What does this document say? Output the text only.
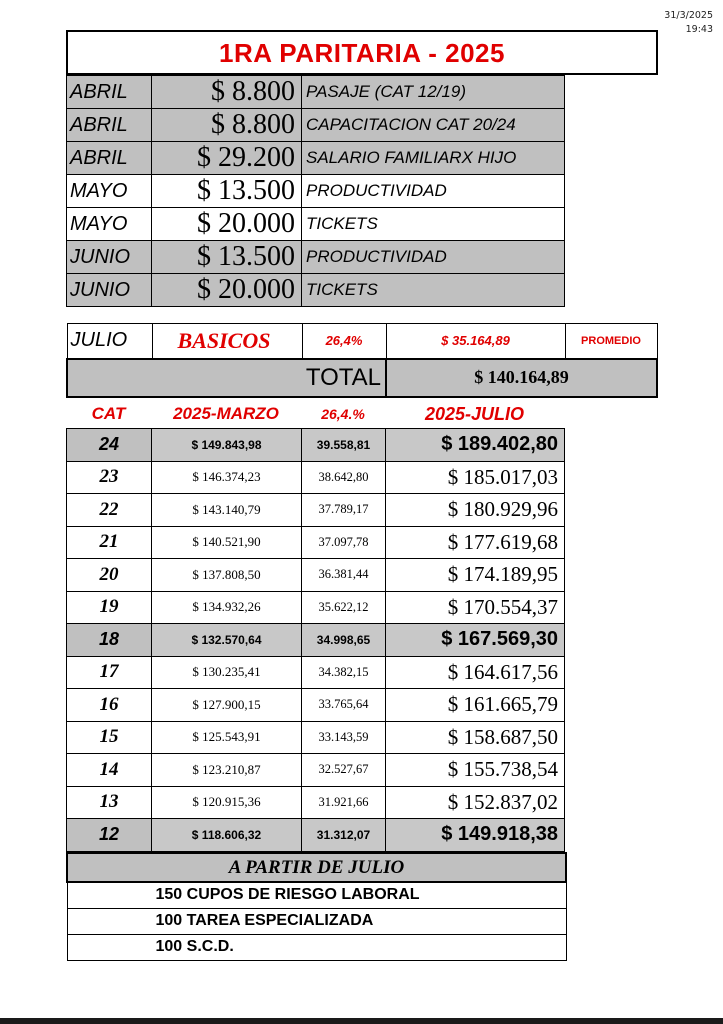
31/3/2025
19:43
1RA PARITARIA - 2025
ABRIL	$ 8.800	PASAJE (CAT 12/19)
ABRIL	$ 8.800	CAPACITACION CAT 20/24
ABRIL	$ 29.200	SALARIO FAMILIARX HIJO
MAYO	$ 13.500	PRODUCTIVIDAD
MAYO	$ 20.000	TICKETS
JUNIO	$ 13.500	PRODUCTIVIDAD
JUNIO	$ 20.000	TICKETS
JULIO	BASICOS	26,4%	$ 35.164,89	PROMEDIO
TOTAL			$ 140.164,89	
CAT	2025-MARZO	26,4.%	2025-JULIO
24	$ 149.843,98	39.558,81	$ 189.402,80
23	$ 146.374,23	38.642,80	$ 185.017,03
22	$ 143.140,79	37.789,17	$ 180.929,96
21	$ 140.521,90	37.097,78	$ 177.619,68
20	$ 137.808,50	36.381,44	$ 174.189,95
19	$ 134.932,26	35.622,12	$ 170.554,37
18	$ 132.570,64	34.998,65	$ 167.569,30
17	$ 130.235,41	34.382,15	$ 164.617,56
16	$ 127.900,15	33.765,64	$ 161.665,79
15	$ 125.543,91	33.143,59	$ 158.687,50
14	$ 123.210,87	32.527,67	$ 155.738,54
13	$ 120.915,36	31.921,66	$ 152.837,02
12	$ 118.606,32	31.312,07	$ 149.918,38
A PARTIR DE JULIO
150 CUPOS DE RIESGO LABORAL
100 TAREA ESPECIALIZADA
100 S.C.D.
